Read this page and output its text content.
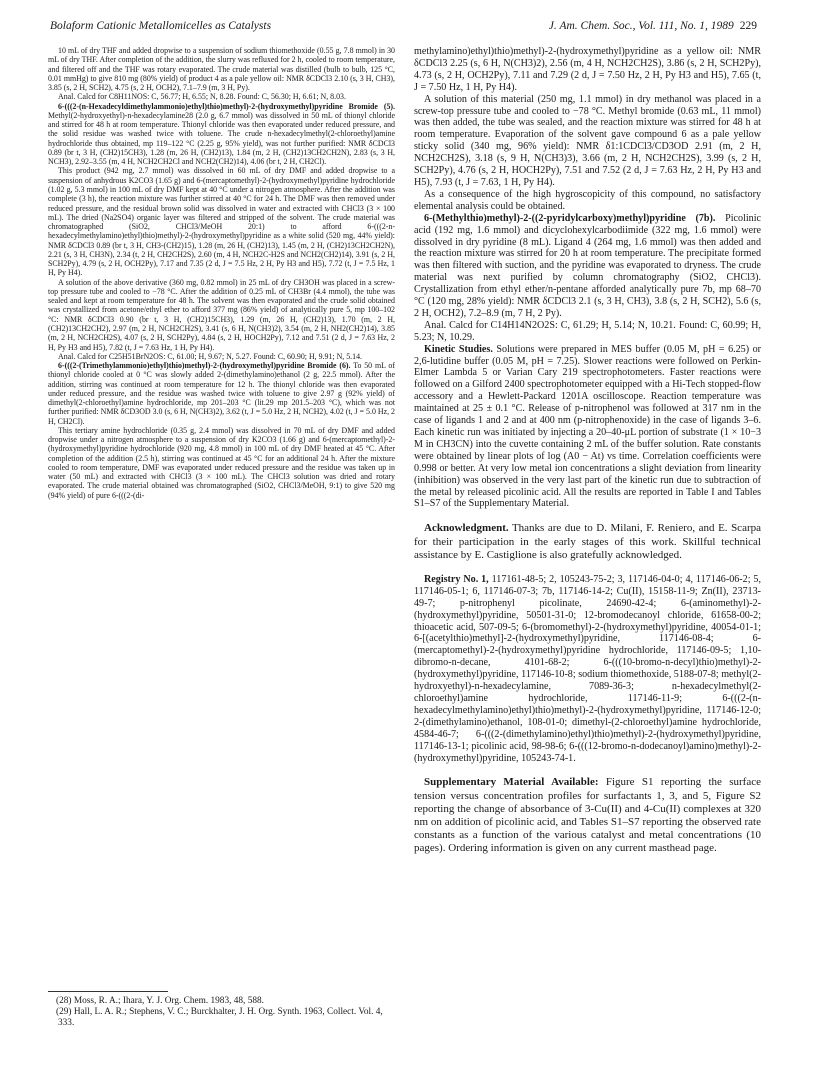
Bolaform Cationic Metallomicelles as Catalysts	J. Am. Chem. Soc., Vol. 111, No. 1, 1989 229

10 mL of dry THF and added dropwise to a suspension of sodium thiomethoxide (0.55 g, 7.8 mmol) in 30 mL of dry THF. After completion of the addition, the slurry was refluxed for 2 h, cooled to room temperature, and filtered off and the THF was rotary evaporated. The crude material was distilled (bulb to bulb, 125 °C, 0.01 mmHg) to give 810 mg (80% yield) of product 4 as a pale yellow oil: NMR δCDCl3 2.10 (s, 3 H, CH3), 3.85 (s, 2 H, SCH2), 4.75 (s, 2 H, OCH2), 7.1–7.9 (m, 3 H, Py).

Anal. Calcd for C8H11NOS: C, 56.77; H, 6.55; N, 8.28. Found: C, 56.30; H, 6.61; N, 8.03.

6-(((2-(n-Hexadecyldimethylammonio)ethyl)thio)methyl)-2-(hydroxymethyl)pyridine Bromide (5). Methyl(2-hydroxyethyl)-n-hexadecylamine28 (2.0 g, 6.7 mmol) was dissolved in 50 mL of thionyl chloride and stirred for 48 h at room temperature. Thionyl chloride was then evaporated under reduced pressure, and the solid residue was washed twice with toluene. The crude n-hexadecylmethyl(2-chloroethyl)amine hydrochloride thus obtained, mp 119–122 °C (2.25 g, 95% yield), was not further purified: NMR δCDCl3 0.89 (br t, 3 H, (CH2)15CH3), 1.28 (m, 26 H, (CH2)13), 1.84 (m, 2 H, (CH2)13CH2CH2N), 2.83 (s, 3 H, NCH3), 2.92–3.55 (m, 4 H, NCH2CH2Cl and NCH2(CH2)14), 4.06 (br t, 2 H, CH2Cl).

This product (942 mg, 2.7 mmol) was dissolved in 60 mL of dry DMF and added dropwise to a suspension of anhydrous K2CO3 (1.65 g) and 6-(mercaptomethyl)-2-(hydroxymethyl)pyridine hydrochloride (1.02 g, 5.3 mmol) in 100 mL of dry DMF kept at 40 °C under a nitrogen atmosphere. After the addition was complete (3 h), the reaction mixture was further stirred at 40 °C for 24 h. The DMF was then removed under reduced pressure, and the residual brown solid was dissolved in water and extracted with CHCl3 (3 × 100 mL). The dried (Na2SO4) organic layer was filtered and stripped of the solvent. The crude material was chromatographed (SiO2, CHCl3/MeOH 20:1) to afford 6-(((2-n-hexadecylmethylamino)ethyl)thio)methyl)-2-(hydroxymethyl)pyridine as a white solid (520 mg, 44% yield): NMR δCDCl3 0.89 (br t, 3 H, CH3-(CH2)15), 1.28 (m, 26 H, (CH2)13), 1.45 (m, 2 H, (CH2)13CH2CH2N), 2.21 (s, 3 H, CH3N), 2.34 (t, 2 H, CH2CH2S), 2.60 (m, 4 H, NCH2C-H2S and NCH2(CH2)14), 3.91 (s, 2 H, SCH2Py), 4.79 (s, 2 H, OCH2Py), 7.17 and 7.35 (2 d, J = 7.5 Hz, 2 H, Py H3 and H5), 7.72 (t, J = 7.5 Hz, 1 H, Py H4).

A solution of the above derivative (360 mg, 0.82 mmol) in 25 mL of dry CH3OH was placed in a screw-top pressure tube and cooled to −78 °C. After the addition of 0.25 mL of CH3Br (4.4 mmol), the tube was sealed and kept at room temperature for 48 h. The solvent was then evaporated and the crude solid obtained was crystallized from acetone/ethyl ether to afford 377 mg (86% yield) of analytically pure 5, mp 100–102 °C: NMR δCDCl3 0.90 (br t, 3 H, (CH2)15CH3), 1.29 (m, 26 H, (CH2)13), 1.70 (m, 2 H, (CH2)13CH2CH2), 2.97 (m, 2 H, NCH2CH2S), 3.41 (s, 6 H, N(CH3)2), 3.54 (m, 2 H, NH2(CH2)14), 3.85 (m, 2 H, NCH2CH2S), 4.07 (s, 2 H, SCH2Py), 4.84 (s, 2 H, HOCH2Py), 7.12 and 7.51 (2 d, J = 7.63 Hz, 2 H, Py H3 and H5), 7.82 (t, J = 7.63 Hz, 1 H, Py H4).

Anal. Calcd for C25H51BrN2OS: C, 61.00; H, 9.67; N, 5.27. Found: C, 60.90; H, 9.91; N, 5.14.

6-(((2-(Trimethylammonio)ethyl)thio)methyl)-2-(hydroxymethyl)pyridine Bromide (6). To 50 mL of thionyl chloride cooled at 0 °C was slowly added 2-(dimethylamino)ethanol (2 g, 22.5 mmol). After the addition, stirring was continued at room temperature for 12 h. The thionyl chloride was then evaporated under reduced pressure, and the residue was washed twice with toluene to give 2.97 g (92% yield) of dimethyl(2-chloroethyl)amine hydrochloride, mp 201–203 °C (lit.29 mp 201.5–203 °C), which was not further purified: NMR δCD3OD 3.0 (s, 6 H, N(CH3)2), 3.62 (t, J = 5.0 Hz, 2 H, NCH2), 4.02 (t, J = 5.0 Hz, 2 H, CH2Cl).

This tertiary amine hydrochloride (0.35 g, 2.4 mmol) was dissolved in 70 mL of dry DMF and added dropwise under a nitrogen atmosphere to a suspension of dry K2CO3 (1.66 g) and 6-(mercaptomethyl)-2-(hydroxymethyl)pyridine hydrochloride (920 mg, 4.8 mmol) in 100 mL of dry DMF heated at 45 °C. After completion of the addition (2.5 h), stirring was continued at 45 °C for an additional 24 h. After the mixture cooled to room temperature, DMF was evaporated under reduced pressure and the residue was taken up in water (50 mL) and extracted with CHCl3 (3 × 100 mL). The CHCl3 solution was dried and rotary evaporated. The crude material obtained was chromatographed (SiO2, CHCl3/MeOH, 9:1) to give 520 mg (94% yield) of pure 6-(((2-(di-

methylamino)ethyl)thio)methyl)-2-(hydroxymethyl)pyridine as a yellow oil: NMR δCDCl3 2.25 (s, 6 H, N(CH3)2), 2.56 (m, 4 H, NCH2CH2S), 3.86 (s, 2 H, SCH2Py), 4.73 (s, 2 H, OCH2Py), 7.11 and 7.29 (2 d, J = 7.50 Hz, 2 H, Py H3 and H5), 7.65 (t, J = 7.50 Hz, 1 H, Py H4).

A solution of this material (250 mg, 1.1 mmol) in dry methanol was placed in a screw-top pressure tube and cooled to −78 °C. Methyl bromide (0.63 mL, 11 mmol) was then added, the tube was sealed, and the reaction mixture was stirred for 48 h at room temperature. Evaporation of the solvent gave compound 6 as a pale yellow sticky solid (340 mg, 96% yield): NMR δ1:1CDCl3/CD3OD 2.91 (m, 2 H, NCH2CH2S), 3.18 (s, 9 H, N(CH3)3), 3.66 (m, 2 H, NCH2CH2S), 3.99 (s, 2 H, SCH2Py), 4.76 (s, 2 H, HOCH2Py), 7.51 and 7.52 (2 d, J = 7.63 Hz, 2 H, Py H3 and H5), 7.93 (t, J = 7.63, 1 H, Py H4).

As a consequence of the high hygroscopicity of this compound, no satisfactory elemental analysis could be obtained.

6-(Methylthio)methyl)-2-((2-pyridylcarboxy)methyl)pyridine (7b). Picolinic acid (192 mg, 1.6 mmol) and dicyclohexylcarbodiimide (322 mg, 1.6 mmol) were dissolved in dry pyridine (8 mL). Ligand 4 (264 mg, 1.6 mmol) was then added and the reaction mixture was stirred for 20 h at room temperature. The precipitate formed was then filtered with suction, and the pyridine was evaporated to dryness. The crude material was next purified by column chromatography (SiO2, CHCl3). Crystallization from ethyl ether/n-pentane afforded analytically pure 7b, mp 68–70 °C (120 mg, 28% yield): NMR δCDCl3 2.1 (s, 3 H, CH3), 3.8 (s, 2 H, SCH2), 5.6 (s, 2 H, OCH2), 7.2–8.9 (m, 7 H, 2 Py).

Anal. Calcd for C14H14N2O2S: C, 61.29; H, 5.14; N, 10.21. Found: C, 60.99; H, 5.23; N, 10.29.

Kinetic Studies. Solutions were prepared in MES buffer (0.05 M, pH = 6.25) or 2,6-lutidine buffer (0.05 M, pH = 7.25). Slower reactions were followed on Perkin-Elmer Lambda 5 or Varian Cary 219 spectrophotometers. Faster reactions were followed on a Gilford 2400 spectrophotometer equipped with a Hi-Tech stopped-flow accessory and a Hewlett-Packard 1201A oscilloscope. Reaction temperature was maintained at 25 ± 0.1 °C. Release of p-nitrophenol was followed at 317 nm in the case of ligands 1 and 2 and at 400 nm (p-nitrophenoxide) in the case of ligands 3–6. Each kinetic run was initiated by injecting a 20–40-μL portion of substrate (1 × 10−3 M in CH3CN) into the cuvette containing 2 mL of the buffer solution. Rate constants were obtained by linear plots of log (A0 − At) vs time. Correlation coefficients were 0.998 or better. At very low metal ion concentrations a slight deviation from linearity (inhibition) was observed in the very last part of the kinetic run due to subtraction of the metal by released picolinic acid. All the results are reported in Table I and Tables S1–S7 of the Supplementary Material.

Acknowledgment. Thanks are due to D. Milani, F. Reniero, and E. Scarpa for their participation in the early stages of this work. Skillful technical assistance by E. Castiglione is also gratefully acknowledged.

Registry No. 1, 117161-48-5; 2, 105243-75-2; 3, 117146-04-0; 4, 117146-06-2; 5, 117146-05-1; 6, 117146-07-3; 7b, 117146-14-2; Cu(II), 15158-11-9; Zn(II), 23713-49-7; p-nitrophenyl picolinate, 24690-42-4; 6-(aminomethyl)-2-(hydroxymethyl)pyridine, 50501-31-0; 12-bromodecanoyl chloride, 61658-00-2; thioacetic acid, 507-09-5; 6-(bromomethyl)-2-(hydroxymethyl)pyridine, 40054-01-1; 6-[(acetylthio)methyl]-2-(hydroxymethyl)pyridine, 117146-08-4; 6-(mercaptomethyl)-2-(hydroxymethyl)pyridine hydrochloride, 117146-09-5; 1,10-dibromo-n-decane, 4101-68-2; 6-(((10-bromo-n-decyl)thio)methyl)-2-(hydroxymethyl)pyridine, 117146-10-8; sodium thiomethoxide, 5188-07-8; methyl(2-hydroxyethyl)-n-hexadecylamine, 7089-36-3; n-hexadecylmethyl(2-chloroethyl)amine hydrochloride, 117146-11-9; 6-(((2-(n-hexadecylmethylamino)ethyl)thio)methyl)-2-(hydroxymethyl)pyridine, 117146-12-0; 2-(dimethylamino)ethanol, 108-01-0; dimethyl-(2-chloroethyl)amine hydrochloride, 4584-46-7; 6-(((2-(dimethylamino)ethyl)thio)methyl)-2-(hydroxymethyl)pyridine, 117146-13-1; picolinic acid, 98-98-6; 6-(((12-bromo-n-dodecanoyl)amino)methyl)-2-(hydroxymethyl)pyridine, 105243-74-1.

Supplementary Material Available: Figure S1 reporting the surface tension versus concentration profiles for surfactants 1, 3, and 5, Figure S2 reporting the change of absorbance of 3-Cu(II) and 4-Cu(II) complexes at 320 nm on addition of picolinic acid, and Tables S1–S7 reporting the observed rate constants as a function of the various catalyst and metal concentrations (10 pages). Ordering information is given on any current masthead page.

(28) Moss, R. A.; Ihara, Y. J. Org. Chem. 1983, 48, 588.

(29) Hall, L. A. R.; Stephens, V. C.; Burckhalter, J. H. Org. Synth. 1963, Collect. Vol. 4, 333.
